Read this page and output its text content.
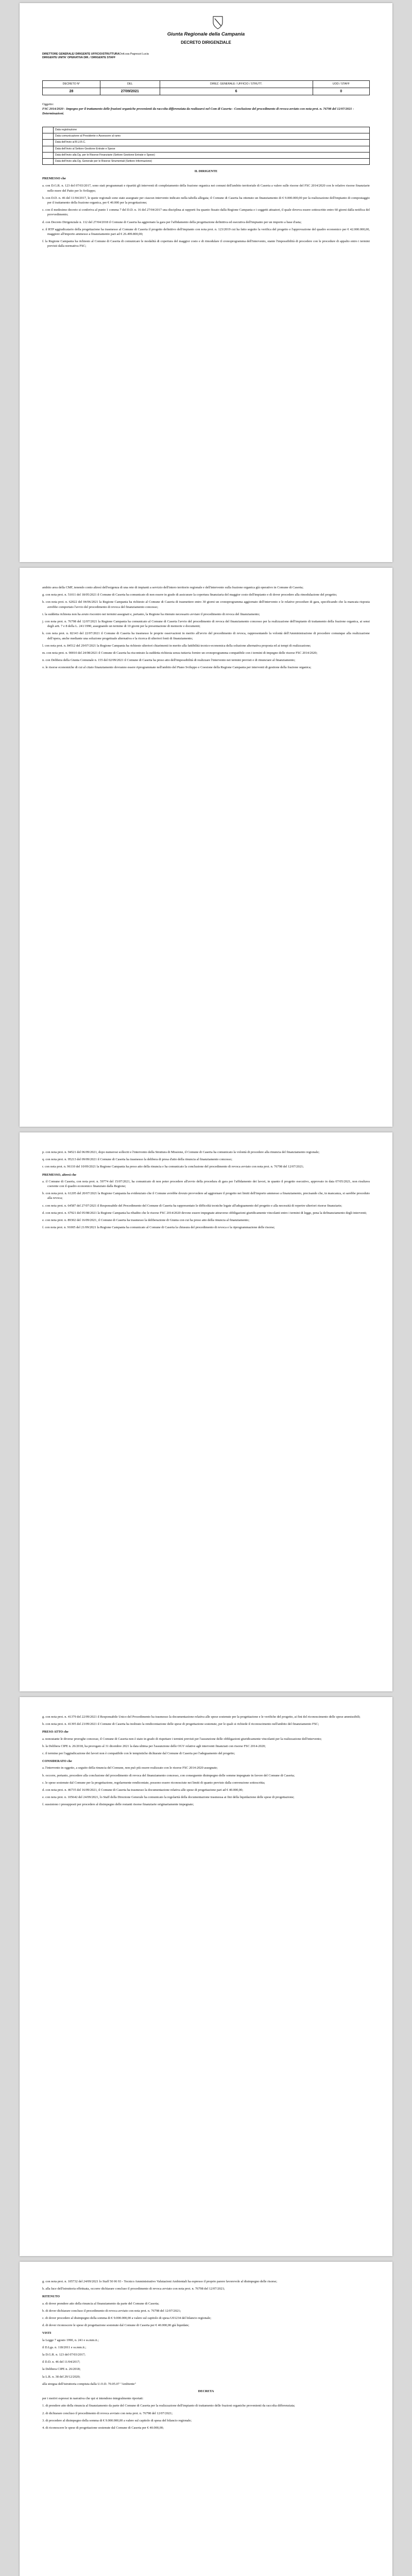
Giunta Regionale della Campania
DECRETO DIRIGENZIALE
DIRETTORE GENERALE/ DIRIGENTE UFFICIO/STRUTTURA Dott.ssa Pagnozzi Lucia
DIRIGENTE UNITA' OPERATIVA DIR. / DIRIGENTE STAFF
DECRETO N°	DEL	DIREZ. GENERALE / UFFICIO / STRUTT.	UOD / STAFF
28	27/09/2021	6	0
Oggetto:
FSC 2014/2020 - Impegno per il trattamento delle frazioni organiche provenienti da raccolta differenziata da realizzarsi nel Com di Caserta - Conclusione del procedimento di revoca avviato con nota prot. n. 76798 del 12/07/2021 - Determinazioni.
	Data registrazione
	Data comunicazione al Presidente o Assessore al ramo
	Data dell'invio al B.U.R.C.
	Data dell'invio al Settore Gestione Entrate e Spese
	Data dell'invio alla Dg. per le Risorse Finanziarie (Settore Gestione Entrate e Spese)
	Data dell'invio alla Dg. Generale per le Risorse Strumentali (Settore Informazione)

IL DIRIGENTE

PREMESSO che

a. con D.G.R. n. 123 del 07/03/2017, sono stati programmati e ripartiti gli interventi di completamento della frazione organica nei comuni dell'ambito territoriale di Caserta a valere sulle risorse del FSC 2014/2020 con le relative risorse finanziarie nelle more del Patto per lo Sviluppo;

b. con D.D. n. 46 del 11/04/2017, le quote regionali sono state assegnate per ciascun intervento indicato nella tabella allegata; il Comune di Caserta ha ottenuto un finanziamento di € 9.000.000,00 per la realizzazione dell'impianto di compostaggio per il trattamento della frazione organica, per € 40.000 per la progettazione;

c. con il medesimo decreto si conferiva al punto 1 comma 7 del D.D. n. 16 del 27/04/2017 una disciplina ai rapporti fra quanto fissato dalla Regione Campania e i soggetti attuatori, il quale doveva essere sottoscritto entro 60 giorni dalla notifica del provvedimento;

d. con Decreto Dirigenziale n. 112 del 27/04/2018 il Comune di Caserta ha aggiornato la gara per l'affidamento della progettazione definitiva ed esecutiva dell'impianto per un importo a base d'asta;

e. il RTP aggiudicatario della progettazione ha trasmesso al Comune di Caserta il progetto definitivo dell'impianto con nota prot. n. 123/2019 cui ha fatto seguito la verifica del progetto e l'approvazione del quadro economico per € 42.000.000,00, maggiore all'importo ammesso a finanziamento pari ad € 26.499.800,00;

f. la Regione Campania ha richiesto al Comune di Caserta di comunicare le modalità di copertura del maggior costo e di rimodulare il cronoprogramma dell'intervento, stante l'impossibilità di procedere con le procedure di appalto entro i termini previsti dalla normativa FSC;

ambito area della CMF, tenendo conto altresì dell'esigenza di una rete di impianti a servizio dell'intero territorio regionale e dell'intervento sulla frazione organica già operativo in Comune di Caserta;

g. con nota prot. n. 51011 del 18/05/2021 il Comune di Caserta ha comunicato di non essere in grado di assicurare la copertura finanziaria del maggior costo dell'impianto e di dover procedere alla rimodulazione del progetto;

h. con nota prot. n. 62022 del 04/06/2021 la Regione Campania ha richiesto al Comune di Caserta di trasmettere entro 30 giorni un cronoprogramma aggiornato dell'intervento e le relative procedure di gara, specificando che la mancata risposta avrebbe comportato l'avvio del procedimento di revoca del finanziamento concesso;

i. la suddetta richiesta non ha avuto riscontro nei termini assegnati e, pertanto, la Regione ha ritenuto necessario avviare il procedimento di revoca del finanziamento;

j. con nota prot. n. 76798 del 12/07/2021 la Regione Campania ha comunicato al Comune di Caserta l'avvio del procedimento di revoca del finanziamento concesso per la realizzazione dell'impianto di trattamento della frazione organica, ai sensi degli artt. 7 e 8 della L. 241/1990, assegnando un termine di 10 giorni per la presentazione di memorie e documenti;

k. con nota prot. n. 82143 del 22/07/2021 il Comune di Caserta ha trasmesso le proprie osservazioni in merito all'avvio del procedimento di revoca, rappresentando la volontà dell'Amministrazione di procedere comunque alla realizzazione dell'opera, anche mediante una soluzione progettuale alternativa e la ricerca di ulteriori fonti di finanziamento;

l. con nota prot. n. 84512 del 29/07/2021 la Regione Campania ha richiesto ulteriori chiarimenti in merito alla fattibilità tecnico-economica della soluzione alternativa proposta ed ai tempi di realizzazione;

m. con nota prot. n. 90010 del 24/08/2021 il Comune di Caserta ha riscontrato la suddetta richiesta senza tuttavia fornire un cronoprogramma compatibile con i termini di impegno delle risorse FSC 2014/2020;

n. con Delibera della Giunta Comunale n. 155 del 02/09/2021 il Comune di Caserta ha preso atto dell'impossibilità di realizzare l'intervento nei termini previsti e di rinunciare al finanziamento;

o. le risorse economiche di cui al citato finanziamento dovranno essere riprogrammate nell'ambito del Piano Sviluppo e Coesione della Regione Campania per interventi di gestione della frazione organica;

p. con nota prot. n. 94521 del 06/09/2021, dopo numerosi solleciti e l'intervento della Struttura di Missione, il Comune di Caserta ha comunicato la volontà di procedere alla rinuncia del finanziamento regionale;

q. con nota prot. n. 95213 del 09/09/2021 il Comune di Caserta ha trasmesso la delibera di presa d'atto della rinuncia al finanziamento concesso;

r. con nota prot. n. 96110 del 10/09/2021 la Regione Campania ha preso atto della rinuncia e ha comunicato la conclusione del procedimento di revoca avviato con nota prot. n. 76798 del 12/07/2021;

PREMESSO, altresì che

a. il Comune di Caserta, con nota prot. n. 59774 del 15/07/2021, ha comunicato di non poter procedere all'avvio della procedura di gara per l'affidamento dei lavori, in quanto il progetto esecutivo, approvato in data 07/05/2021, non risultava coerente con il quadro economico finanziato dalla Regione;

b. con nota prot. n. 61205 del 20/07/2021 la Regione Campania ha evidenziato che il Comune avrebbe dovuto provvedere ad aggiornare il progetto nei limiti dell'importo ammesso a finanziamento, precisando che, in mancanza, si sarebbe proceduto alla revoca;

c. con nota prot. n. 64587 del 27/07/2021 il Responsabile del Procedimento del Comune di Caserta ha rappresentato le difficoltà tecniche legate all'adeguamento del progetto e alla necessità di reperire ulteriori risorse finanziarie;

d. con nota prot. n. 67921 del 05/08/2021 la Regione Campania ha ribadito che le risorse FSC 2014/2020 devono essere impegnate attraverso obbligazioni giuridicamente vincolanti entro i termini di legge, pena la definanziamento degli interventi;

e. con nota prot. n. 89302 del 16/09/2021, il Comune di Caserta ha trasmesso la deliberazione di Giunta con cui ha preso atto della rinuncia al finanziamento;

f. con nota prot. n. 91005 del 21/09/2021 la Regione Campania ha comunicato al Comune di Caserta la chiusura del procedimento di revoca e la riprogrammazione delle risorse;

g. con nota prot. n. 41379 del 22/09/2021 il Responsabile Unico del Procedimento ha trasmesso la documentazione relativa alle spese sostenute per la progettazione e le verifiche del progetto, ai fini del riconoscimento delle spese ammissibili;

h. con nota prot. n. 41395 del 23/09/2021 il Comune di Caserta ha inoltrato la rendicontazione delle spese di progettazione sostenute, per le quali si richiede il riconoscimento nell'ambito del finanziamento FSC;

PRESO ATTO che

a. nonostante le diverse proroghe concesse, il Comune di Caserta non è stato in grado di rispettare i termini previsti per l'assunzione delle obbligazioni giuridicamente vincolanti per la realizzazione dell'intervento;

b. la Delibera CIPE n. 26/2018, ha prorogato al 31 dicembre 2021 la data ultima per l'assunzione delle OGV relative agli interventi finanziati con risorse FSC 2014-2020;

c. il termine per l'aggiudicazione dei lavori non è compatibile con le tempistiche dichiarate dal Comune di Caserta per l'adeguamento del progetto;

CONSIDERATO che

a. l'intervento in oggetto, a seguito della rinuncia del Comune, non può più essere realizzato con le risorse FSC 2014-2020 assegnate;

b. occorre, pertanto, procedere alla conclusione del procedimento di revoca del finanziamento concesso, con conseguente disimpegno delle somme impegnate in favore del Comune di Caserta;

c. le spese sostenute dal Comune per la progettazione, regolarmente rendicontate, possono essere riconosciute nei limiti di quanto previsto dalla convenzione sottoscritta;

d. con nota prot. n. 46735 del 16/09/2021, il Comune di Caserta ha trasmesso la documentazione relativa alle spese di progettazione pari ad € 40.000,00;

e. con nota prot. n. 105642 del 24/09/2021, lo Staff della Direzione Generale ha comunicato la regolarità della documentazione trasmessa ai fini della liquidazione delle spese di progettazione;

f. sussistono i presupposti per procedere al disimpegno delle restanti risorse finanziarie originariamente impegnate;

g. con nota prot. n. 105732 del 24/09/2021 lo Staff 50 06 93 - Tecnico Amministrativo Valutazioni Ambientali ha espresso il proprio parere favorevole al disimpegno delle risorse;

h. alla luce dell'istruttoria effettuata, occorre dichiarare concluso il procedimento di revoca avviato con nota prot. n. 76798 del 12/07/2021;

RITENUTO

a. di dover prendere atto della rinuncia al finanziamento da parte del Comune di Caserta;

b. di dover dichiarare concluso il procedimento di revoca avviato con nota prot. n. 76798 del 12/07/2021;

c. di dover procedere al disimpegno della somma di € 9.000.000,00 a valere sul capitolo di spesa U01234 del bilancio regionale;

d. di dover riconoscere le spese di progettazione sostenute dal Comune di Caserta per € 40.000,00 già liquidate;

VISTI

la Legge 7 agosto 1990, n. 241 e ss.mm.ii.;

il D.Lgs. n. 118/2011 e ss.mm.ii.;

la D.G.R. n. 123 del 07/03/2017;

il D.D. n. 46 del 11/04/2017;

la Delibera CIPE n. 26/2018;

la L.R. n. 38 del 29/12/2020;

alla stregua dell'istruttoria compiuta dalla U.O.D. 70.05.07 "Ambiente"

DECRETA

per i motivi espressi in narrativa che qui si intendono integralmente riportati:

1. di prendere atto della rinuncia al finanziamento da parte del Comune di Caserta per la realizzazione dell'impianto di trattamento delle frazioni organiche provenienti da raccolta differenziata;

2. di dichiarare concluso il procedimento di revoca avviato con nota prot. n. 76798 del 12/07/2021;

3. di procedere al disimpegno della somma di € 9.000.000,00 a valere sul capitolo di spesa del bilancio regionale;

4. di riconoscere le spese di progettazione sostenute dal Comune di Caserta per € 40.000,00;
